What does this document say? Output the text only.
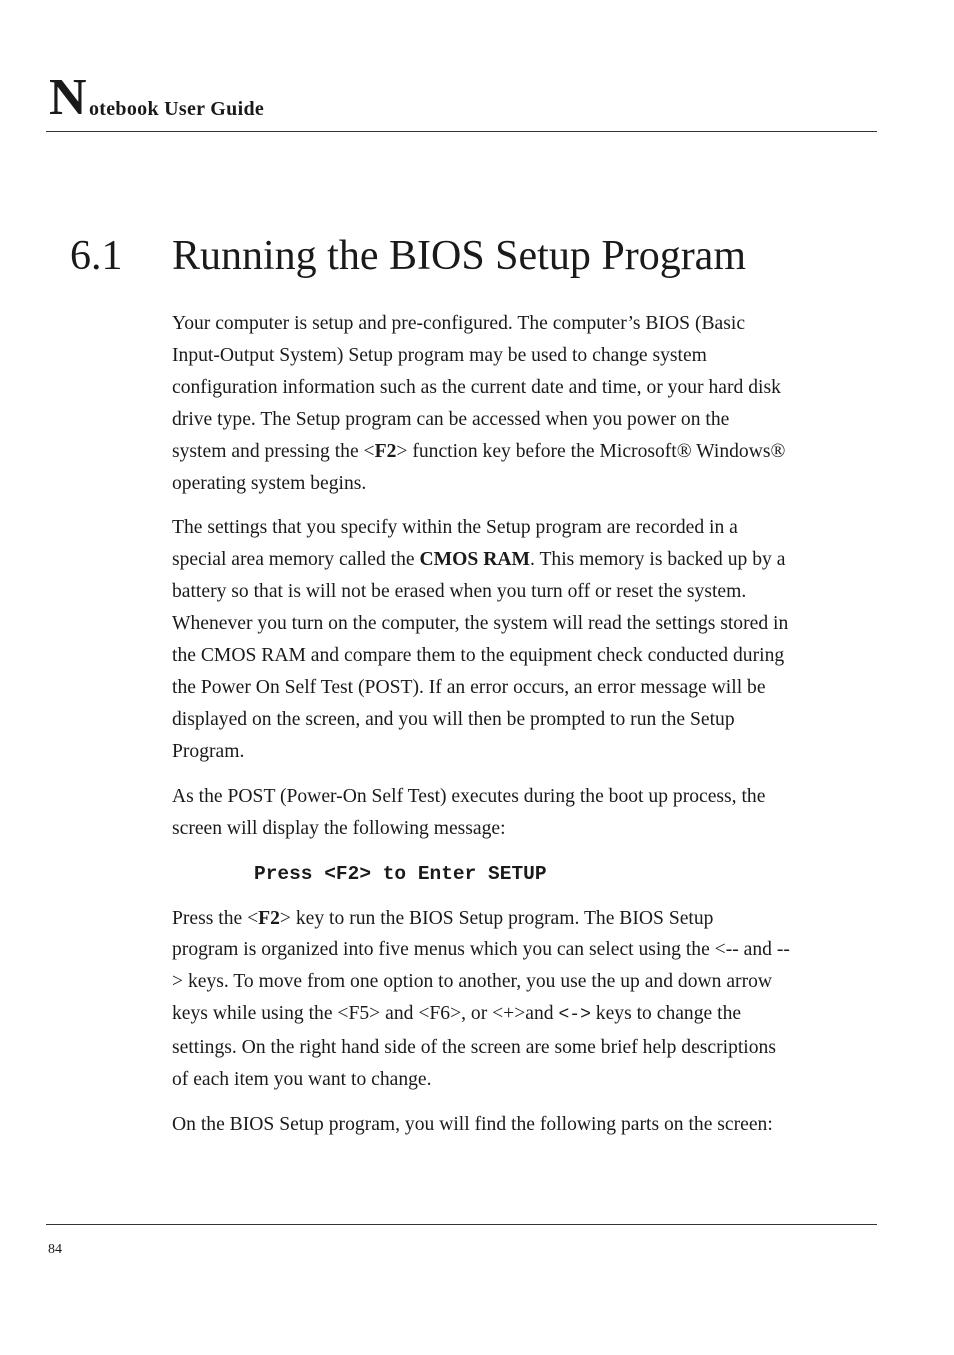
N otebook User Guide
6.1 Running the BIOS Setup Program

Your computer is setup and pre-configured. The computer’s BIOS (Basic
Input-Output System) Setup program may be used to change system
configuration information such as the current date and time, or your hard disk
drive type. The Setup program can be accessed when you power on the
system and pressing the <F2> function key before the Microsoft® Windows®
operating system begins.

The settings that you specify within the Setup program are recorded in a
special area memory called the CMOS RAM. This memory is backed up by a
battery so that is will not be erased when you turn off or reset the system.
Whenever you turn on the computer, the system will read the settings stored in
the CMOS RAM and compare them to the equipment check conducted during
the Power On Self Test (POST). If an error occurs, an error message will be
displayed on the screen, and you will then be prompted to run the Setup
Program.

As the POST (Power-On Self Test) executes during the boot up process, the
screen will display the following message:

Press <F2> to Enter SETUP

Press the <F2> key to run the BIOS Setup program. The BIOS Setup
program is organized into five menus which you can select using the <-- and --
> keys. To move from one option to another, you use the up and down arrow
keys while using the <F5> and <F6>, or <+>and <-> keys to change the
settings. On the right hand side of the screen are some brief help descriptions
of each item you want to change.

On the BIOS Setup program, you will find the following parts on the screen:

84
